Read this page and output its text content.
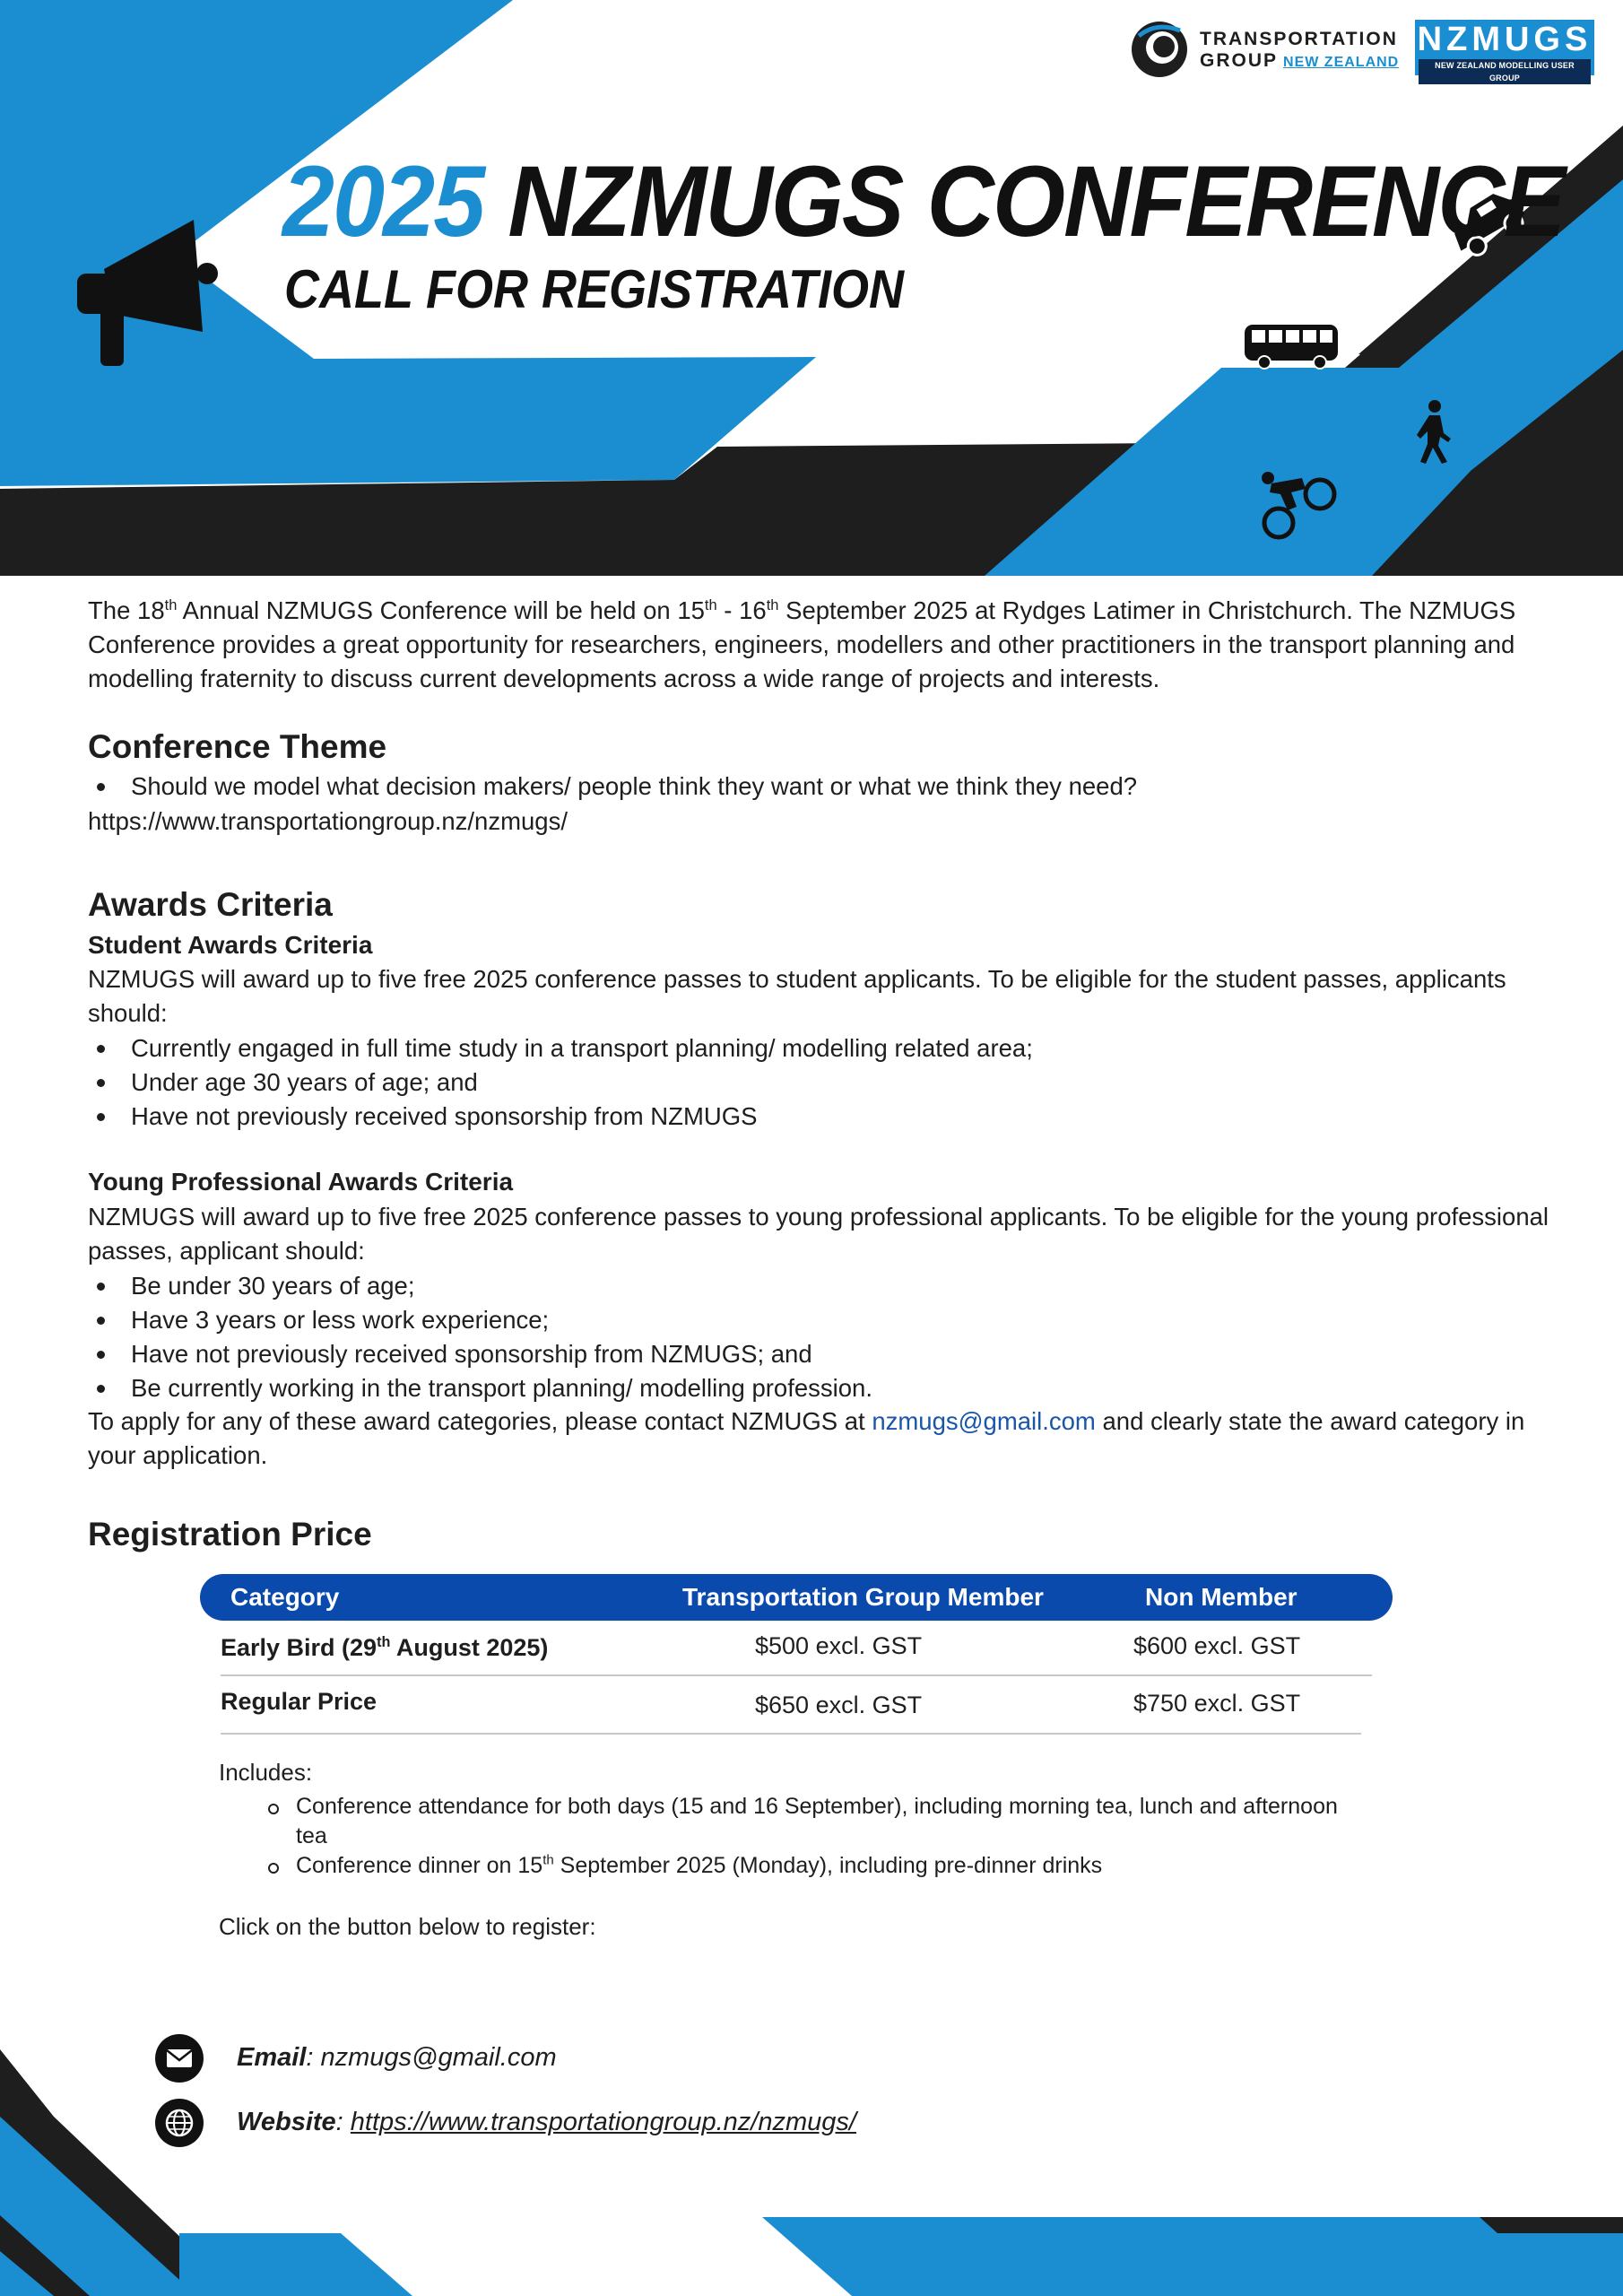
TRANSPORTATION
GROUP NEW ZEALAND
NZMUGS
NEW ZEALAND MODELLING USER GROUP
2025 NZMUGS CONFERENCE
CALL FOR REGISTRATION
The 18th Annual NZMUGS Conference will be held on 15th - 16th September 2025 at Rydges Latimer in Christchurch. The NZMUGS Conference provides a great opportunity for researchers, engineers, modellers and other practitioners in the transport planning and modelling fraternity to discuss current developments across a wide range of projects and interests.
Conference Theme
Should we model what decision makers/ people think they want or what we think they need?
https://www.transportationgroup.nz/nzmugs/
Awards Criteria
Student Awards Criteria
NZMUGS will award up to five free 2025 conference passes to student applicants. To be eligible for the student passes, applicants should:
Currently engaged in full time study in a transport planning/ modelling related area;
Under age 30 years of age; and
Have not previously received sponsorship from NZMUGS
Young Professional Awards Criteria
NZMUGS will award up to five free 2025 conference passes to young professional applicants. To be eligible for the young professional passes, applicant should:
Be under 30 years of age;
Have 3 years or less work experience;
Have not previously received sponsorship from NZMUGS; and
Be currently working in the transport planning/ modelling profession.
To apply for any of these award categories, please contact NZMUGS at nzmugs@gmail.com and clearly state the award category in your application.
Registration Price
Category	Transportation Group Member	Non Member
Early Bird (29th August 2025)	$500 excl. GST	$600 excl. GST
Regular Price	$650 excl. GST	$750 excl. GST
Includes:
Conference attendance for both days (15 and 16 September), including morning tea, lunch and afternoon tea
Conference dinner on 15th September 2025 (Monday), including pre-dinner drinks
Click on the button below to register:
Email: nzmugs@gmail.com
Website: https://www.transportationgroup.nz/nzmugs/
